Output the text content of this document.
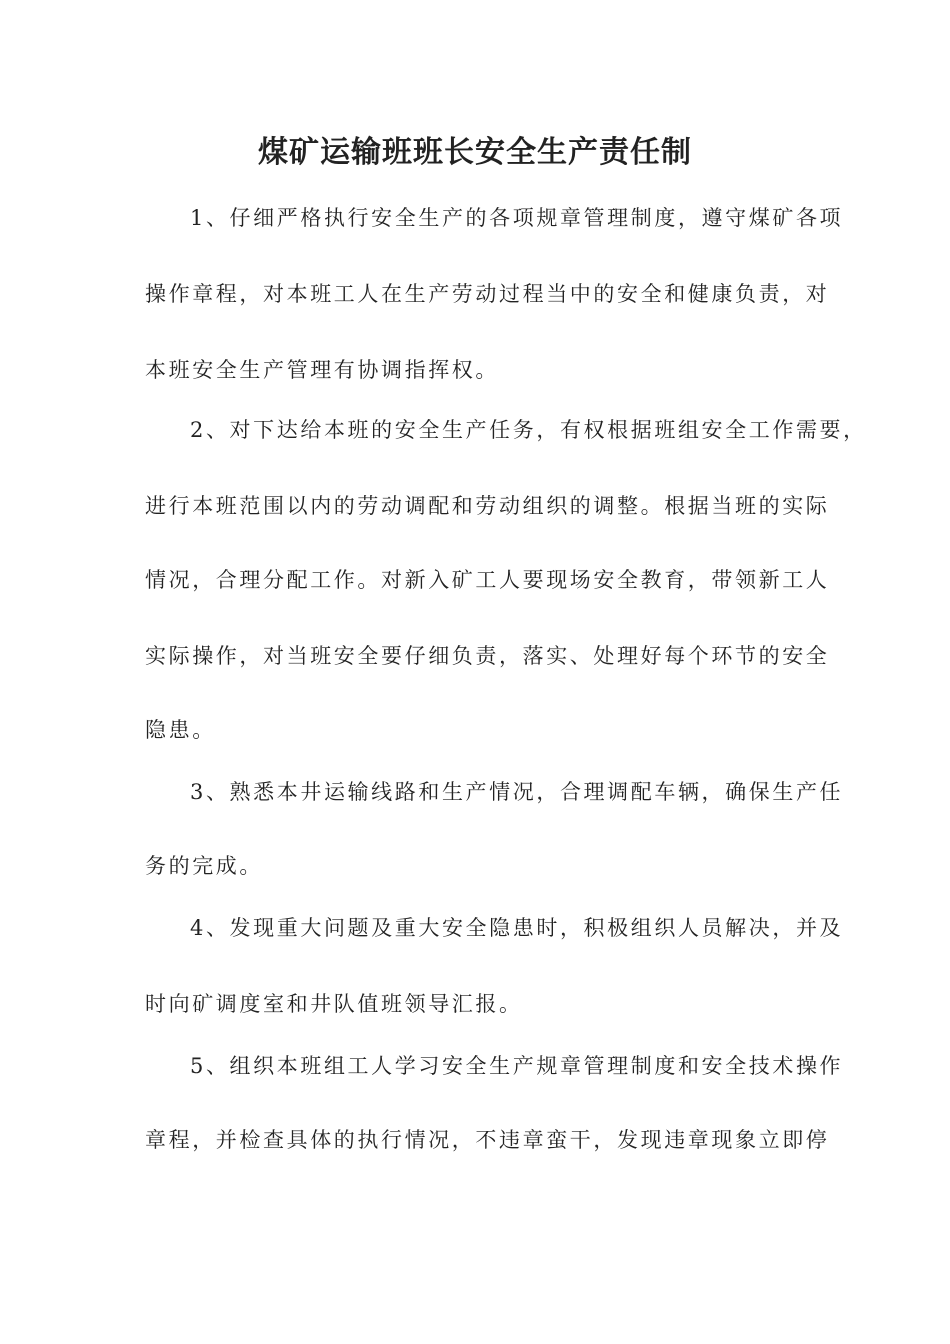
煤矿运输班班长安全生产责任制

1、仔细严格执行安全生产的各项规章管理制度，遵守煤矿各项

操作章程，对本班工人在生产劳动过程当中的安全和健康负责，对

本班安全生产管理有协调指挥权。

2、对下达给本班的安全生产任务，有权根据班组安全工作需要，

进行本班范围以内的劳动调配和劳动组织的调整。根据当班的实际

情况，合理分配工作。对新入矿工人要现场安全教育，带领新工人

实际操作，对当班安全要仔细负责，落实、处理好每个环节的安全

隐患。

3、熟悉本井运输线路和生产情况，合理调配车辆，确保生产任

务的完成。

4、发现重大问题及重大安全隐患时，积极组织人员解决，并及

时向矿调度室和井队值班领导汇报。

5、组织本班组工人学习安全生产规章管理制度和安全技术操作

章程，并检查具体的执行情况，不违章蛮干，发现违章现象立即停
